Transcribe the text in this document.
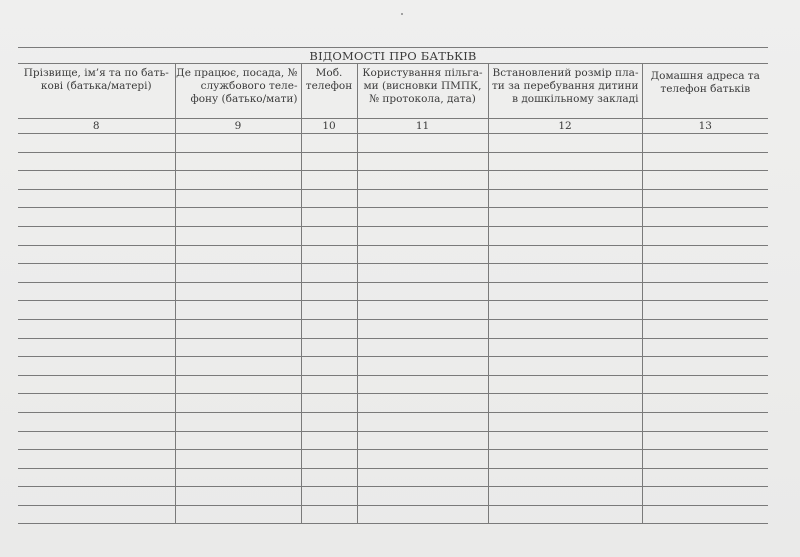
ВІДОМОСТІ ПРО БАТЬКІВ					
Прізвище, ім’я та по бать-ковi (батька/матері)	Де працює, посада, № службового теле-фону (батько/мати)	Моб. телефон	Користування пільга-ми (висновки ПМПК, № протокола, дата)	Встановлений розмір пла-ти за перебування дитини в дошкільному закладі	Домашня адреса та телефон батьків
8	9	10	11	12	13
